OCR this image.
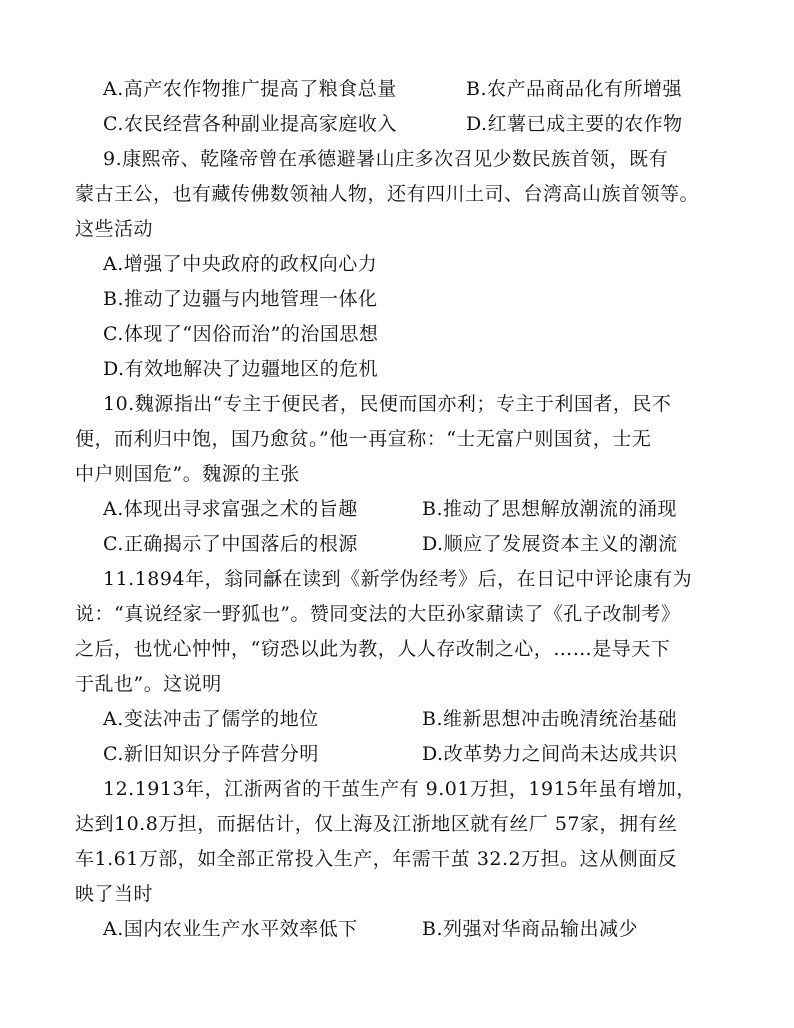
A.高产农作物推广提高了粮食总量	B.农产品商品化有所增强
C.农民经营各种副业提高家庭收入	D.红薯已成主要的农作物
9.康熙帝、乾隆帝曾在承德避暑山庄多次召见少数民族首领，既有
蒙古王公，也有藏传佛数领袖人物，还有四川土司、台湾高山族首领等。
这些活动
A.增强了中央政府的政权向心力
B.推动了边疆与内地管理一体化
C.体现了“因俗而治”的治国思想
D.有效地解决了边疆地区的危机
10.魏源指出“专主于便民者，民便而国亦利；专主于利国者，民不
便，而利归中饱，国乃愈贫。”他一再宣称：“士无富户则国贫，士无
中户则国危”。魏源的主张
A.体现出寻求富强之术的旨趣	B.推动了思想解放潮流的涌现
C.正确揭示了中国落后的根源	D.顺应了发展资本主义的潮流
11.1894年，翁同龢在读到《新学伪经考》后，在日记中评论康有为
说：“真说经家一野狐也”。赞同变法的大臣孙家鼐读了《孔子改制考》
之后，也忧心忡忡，“窃恐以此为教，人人存改制之心，……是导天下
于乱也”。这说明
A.变法冲击了儒学的地位	B.维新思想冲击晚清统治基础
C.新旧知识分子阵营分明	D.改革势力之间尚未达成共识
12.1913年，江浙两省的干茧生产有 9.01万担，1915年虽有增加，
达到10.8万担，而据估计，仅上海及江浙地区就有丝厂 57家，拥有丝
车1.61万部，如全部正常投入生产，年需干茧 32.2万担。这从侧面反
映了当时
A.国内农业生产水平效率低下	B.列强对华商品输出减少
